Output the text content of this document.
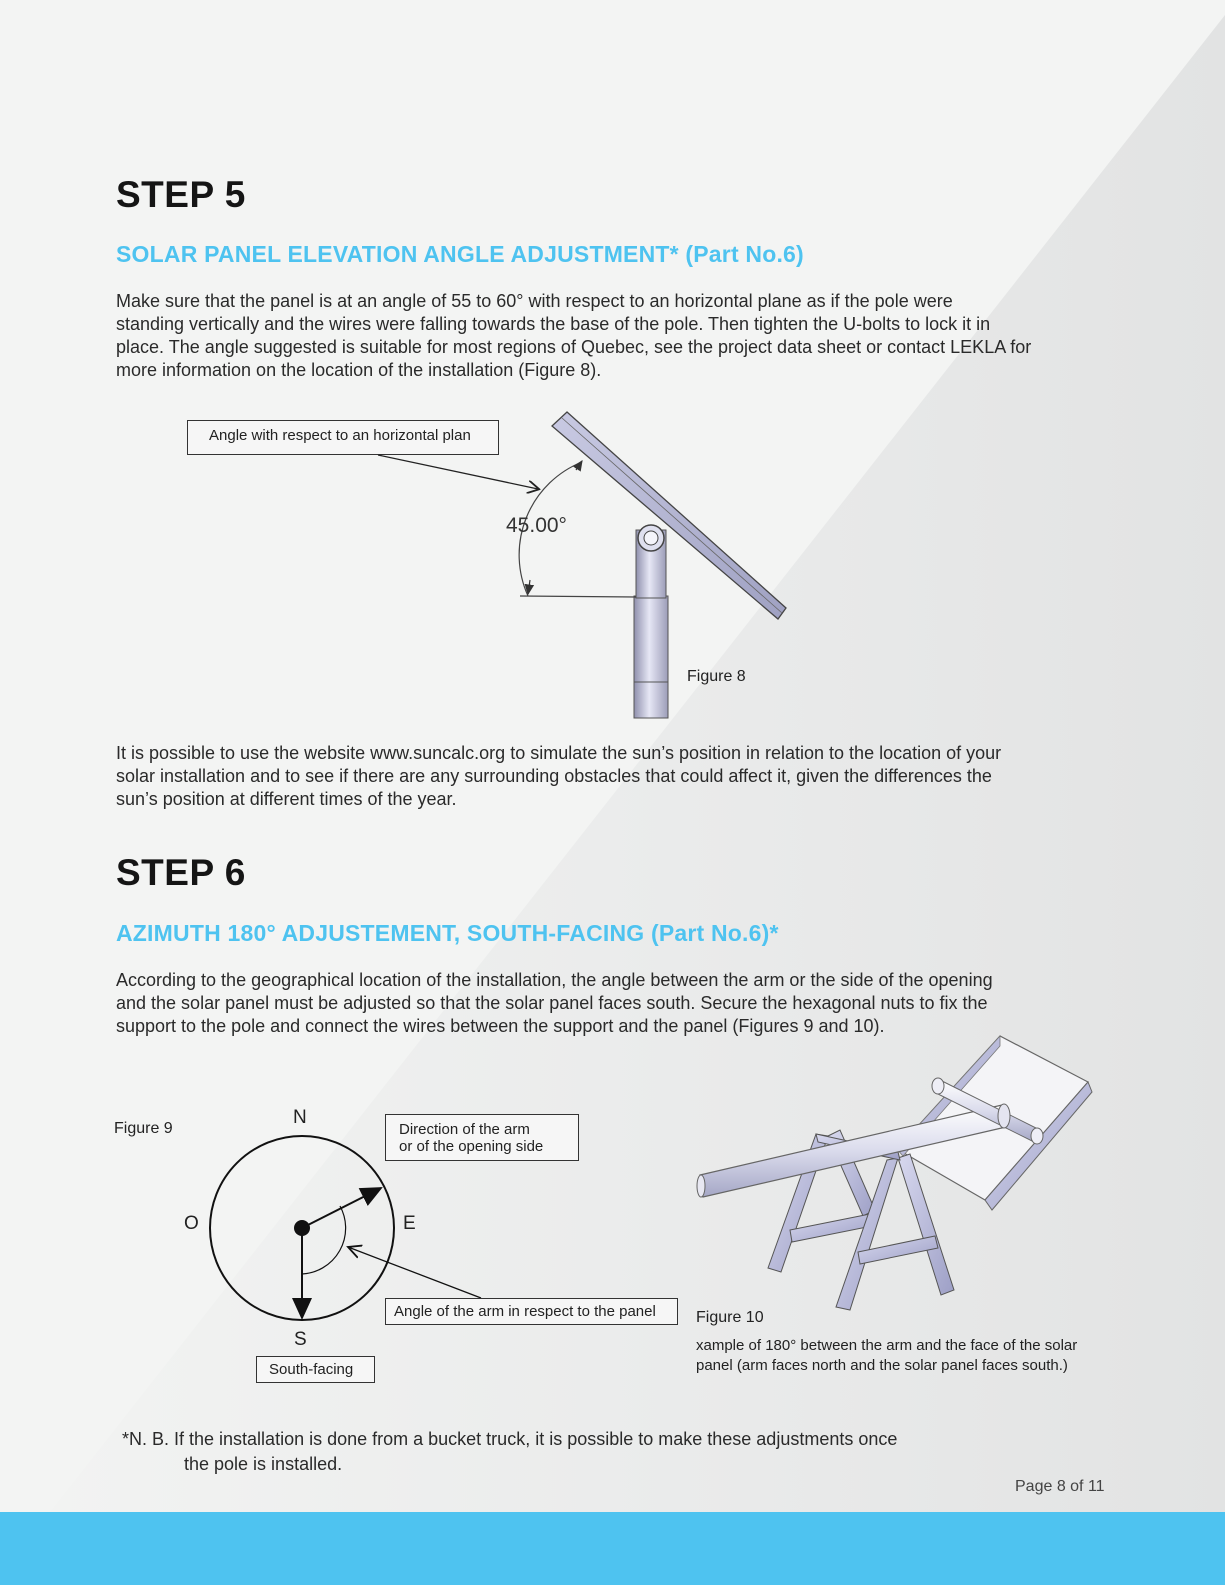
STEP 5
SOLAR PANEL ELEVATION ANGLE ADJUSTMENT* (Part No.6)
Make sure that the panel is at an angle of 55 to 60° with respect to an horizontal plane as if the pole were
standing vertically and the wires were falling towards the base of the pole. Then tighten the U-bolts to lock it in
place. The angle suggested is suitable for most regions of Quebec, see the project data sheet or contact LEKLA for
more information on the location of the installation (Figure 8).
Angle with respect to an horizontal plan
45.00°
Figure 8
It is possible to use the website www.suncalc.org to simulate the sun’s position in relation to the location of your
solar installation and to see if there are any surrounding obstacles that could affect it, given the differences the
sun’s position at different times of the year.
STEP 6
AZIMUTH 180° ADJUSTEMENT, SOUTH-FACING (Part No.6)*
According to the geographical location of the installation, the angle between the arm or the side of the opening
and the solar panel must be adjusted so that the solar panel faces south. Secure the hexagonal nuts to fix the
support to the pole and connect the wires between the support and the panel (Figures 9 and 10).
Figure 9
N
O	E
S
Direction of the arm
or of the opening side
Angle of the arm in respect to the panel
South-facing
Figure 10
xample of 180° between the arm and the face of the solar
panel (arm faces north and the solar panel faces south.)
*N. B. If the installation is done from a bucket truck, it is possible to make these adjustments once
the pole is installed.
Page 8 of 11
